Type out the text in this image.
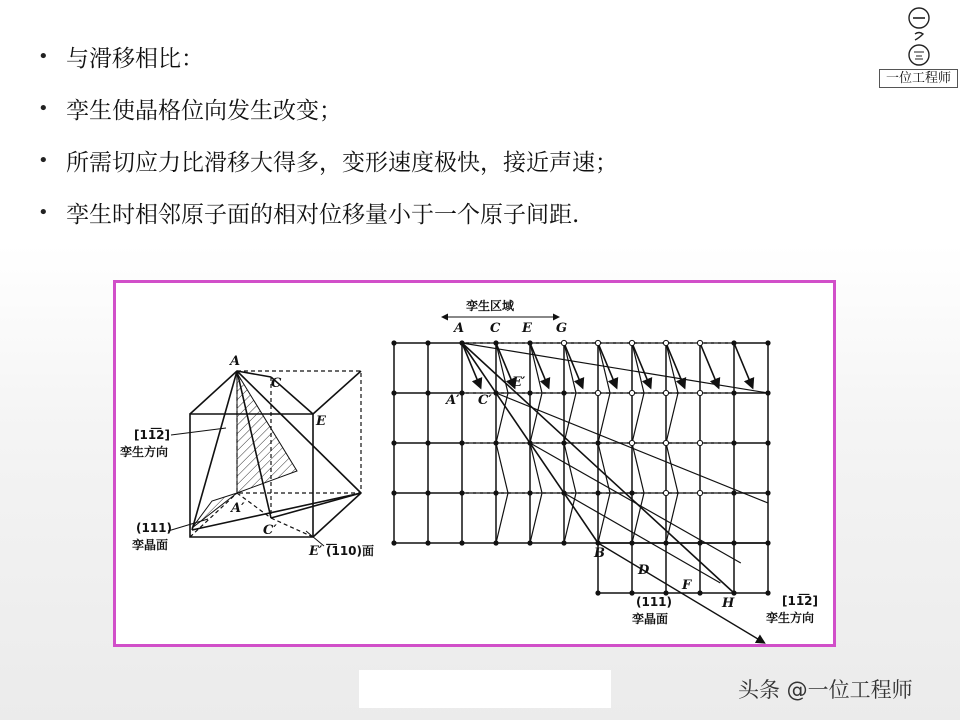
• 与滑移相比：
• 孪生使晶格位向发生改变；
• 所需切应力比滑移大得多，变形速度极快，接近声速；
• 孪生时相邻原子面的相对位移量小于一个原子间距.
一位工程师
A
C
E
A′
C′
E′
[11͞2]
孪生方向
(111)
孪晶面	(͞110)面
孪生区域
A C E G
A′ C′
E′
B
D
F
H
(111)
孪晶面
[11͞2]
孪生方向
头条 @一位工程师
